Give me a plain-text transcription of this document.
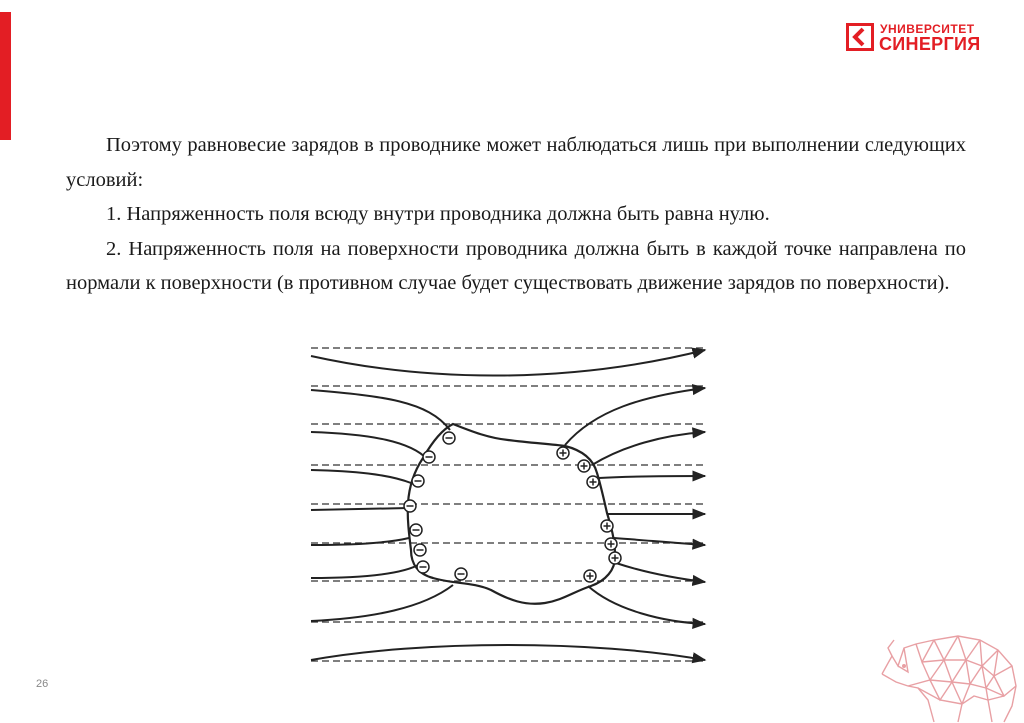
УНИВЕРСИТЕТ
СИНЕРГИЯ

Поэтому равновесие зарядов в проводнике может наблюдаться лишь при выполнении следующих условий:

1. Напряженность поля всюду внутри проводника должна быть равна нулю.

2. Напряженность поля на поверхности проводника должна быть в каждой точке направлена по нормали к поверхности (в противном случае будет существовать движение зарядов по поверхности).

26
